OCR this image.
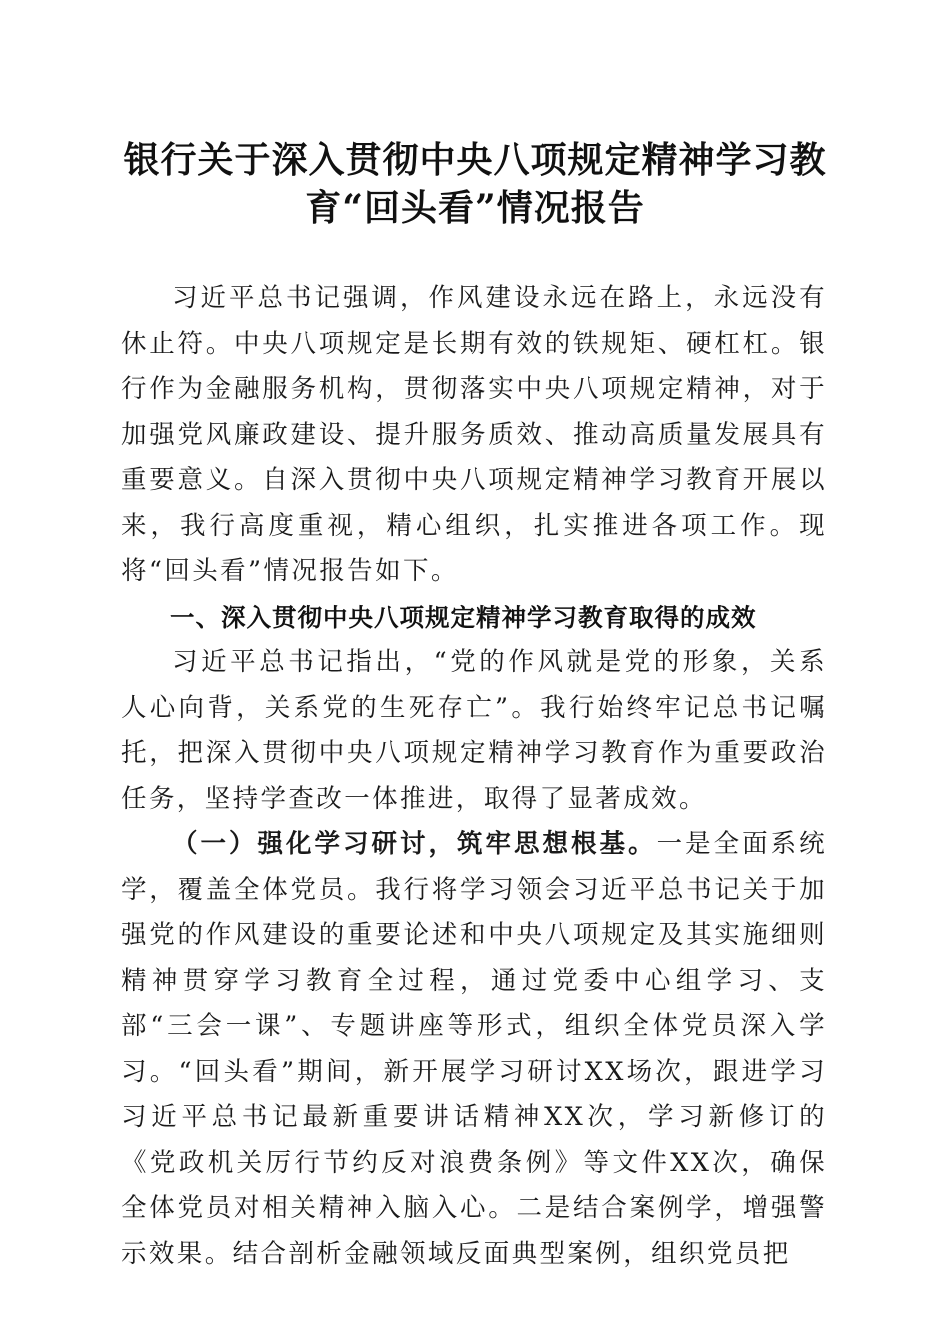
银行关于深入贯彻中央八项规定精神学习教
育“回头看”情况报告

习近平总书记强调，作风建设永远在路上，永远没有休止符。中央八项规定是长期有效的铁规矩、硬杠杠。银行作为金融服务机构，贯彻落实中央八项规定精神，对于加强党风廉政建设、提升服务质效、推动高质量发展具有重要意义。自深入贯彻中央八项规定精神学习教育开展以来，我行高度重视，精心组织，扎实推进各项工作。现将“回头看”情况报告如下。

一、深入贯彻中央八项规定精神学习教育取得的成效

习近平总书记指出，“党的作风就是党的形象，关系人心向背，关系党的生死存亡”。我行始终牢记总书记嘱托，把深入贯彻中央八项规定精神学习教育作为重要政治任务，坚持学查改一体推进，取得了显著成效。

（一）强化学习研讨，筑牢思想根基。一是全面系统学，覆盖全体党员。我行将学习领会习近平总书记关于加强党的作风建设的重要论述和中央八项规定及其实施细则精神贯穿学习教育全过程，通过党委中心组学习、支部“三会一课”、专题讲座等形式，组织全体党员深入学习。“回头看”期间，新开展学习研讨XX场次，跟进学习习近平总书记最新重要讲话精神XX次，学习新修订的《党政机关厉行节约反对浪费条例》等文件XX次，确保全体党员对相关精神入脑入心。二是结合案例学，增强警示效果。结合剖析金融领域反面典型案例，组织党员把
